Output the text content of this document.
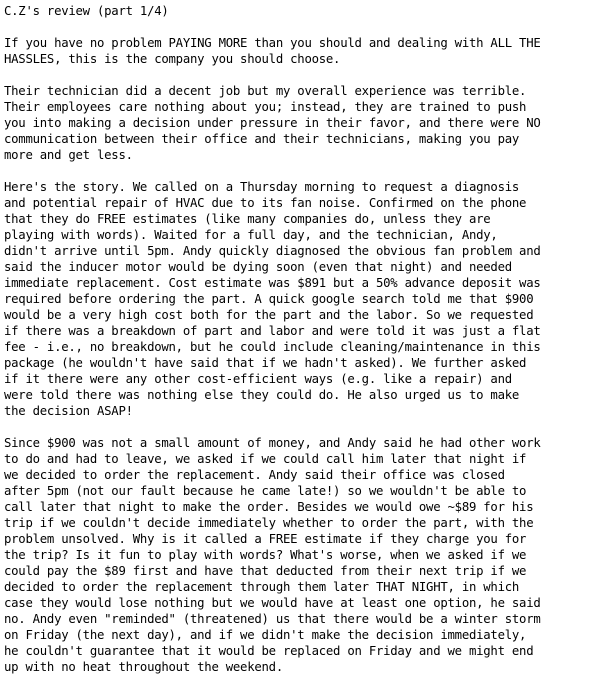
C.Z's review (part 1/4)
If you have no problem PAYING MORE than you should and dealing with ALL THE
HASSLES, this is the company you should choose.
Their technician did a decent job but my overall experience was terrible.
Their employees care nothing about you; instead, they are trained to push
you into making a decision under pressure in their favor, and there were NO
communication between their office and their technicians, making you pay
more and get less.
Here's the story. We called on a Thursday morning to request a diagnosis
and potential repair of HVAC due to its fan noise. Confirmed on the phone
that they do FREE estimates (like many companies do, unless they are
playing with words). Waited for a full day, and the technician, Andy,
didn't arrive until 5pm. Andy quickly diagnosed the obvious fan problem and
said the inducer motor would be dying soon (even that night) and needed
immediate replacement. Cost estimate was $891 but a 50% advance deposit was
required before ordering the part. A quick google search told me that $900
would be a very high cost both for the part and the labor. So we requested
if there was a breakdown of part and labor and were told it was just a flat
fee - i.e., no breakdown, but he could include cleaning/maintenance in this
package (he wouldn't have said that if we hadn't asked). We further asked
if it there were any other cost-efficient ways (e.g. like a repair) and
were told there was nothing else they could do. He also urged us to make
the decision ASAP!
Since $900 was not a small amount of money, and Andy said he had other work
to do and had to leave, we asked if we could call him later that night if
we decided to order the replacement. Andy said their office was closed
after 5pm (not our fault because he came late!) so we wouldn't be able to
call later that night to make the order. Besides we would owe ~$89 for his
trip if we couldn't decide immediately whether to order the part, with the
problem unsolved. Why is it called a FREE estimate if they charge you for
the trip? Is it fun to play with words? What's worse, when we asked if we
could pay the $89 first and have that deducted from their next trip if we
decided to order the replacement through them later THAT NIGHT, in which
case they would lose nothing but we would have at least one option, he said
no. Andy even "reminded" (threatened) us that there would be a winter storm
on Friday (the next day), and if we didn't make the decision immediately,
he couldn't guarantee that it would be replaced on Friday and we might end
up with no heat throughout the weekend.
